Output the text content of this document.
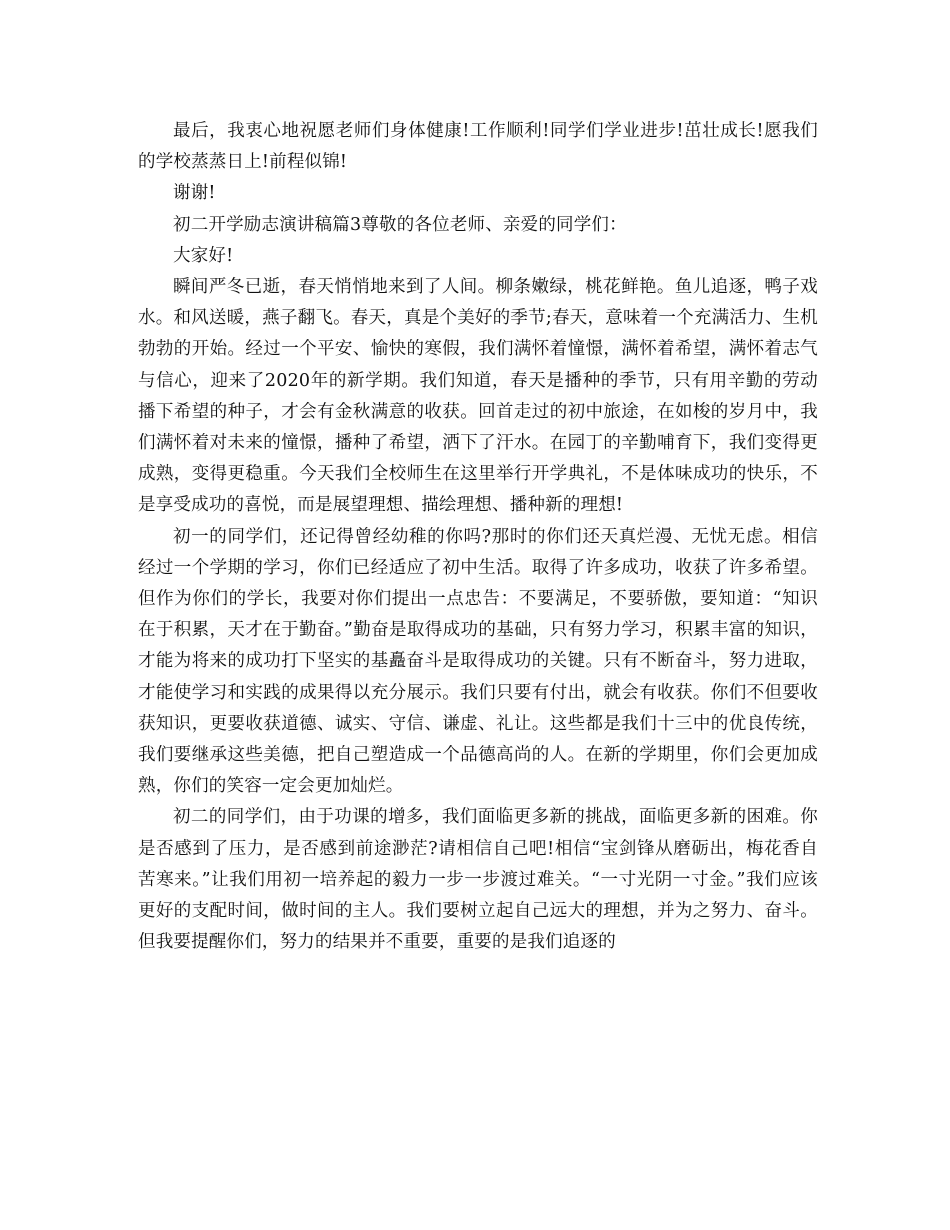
最后，我衷心地祝愿老师们身体健康!工作顺利!同学们学业进步!茁壮成长!愿我们的学校蒸蒸日上!前程似锦!

谢谢!

初二开学励志演讲稿篇3尊敬的各位老师、亲爱的同学们：

大家好!

瞬间严冬已逝，春天悄悄地来到了人间。柳条嫩绿，桃花鲜艳。鱼儿追逐，鸭子戏水。和风送暖，燕子翻飞。春天，真是个美好的季节;春天，意味着一个充满活力、生机勃勃的开始。经过一个平安、愉快的寒假，我们满怀着憧憬，满怀着希望，满怀着志气与信心，迎来了2020年的新学期。我们知道，春天是播种的季节，只有用辛勤的劳动播下希望的种子，才会有金秋满意的收获。回首走过的初中旅途，在如梭的岁月中，我们满怀着对未来的憧憬，播种了希望，洒下了汗水。在园丁的辛勤哺育下，我们变得更成熟，变得更稳重。今天我们全校师生在这里举行开学典礼，不是体味成功的快乐，不是享受成功的喜悦，而是展望理想、描绘理想、播种新的理想!

初一的同学们，还记得曾经幼稚的你吗?那时的你们还天真烂漫、无忧无虑。相信经过一个学期的学习，你们已经适应了初中生活。取得了许多成功，收获了许多希望。但作为你们的学长，我要对你们提出一点忠告：不要满足，不要骄傲，要知道：“知识在于积累，天才在于勤奋。”勤奋是取得成功的基础，只有努力学习，积累丰富的知识，才能为将来的成功打下坚实的基矗奋斗是取得成功的关键。只有不断奋斗，努力进取，才能使学习和实践的成果得以充分展示。我们只要有付出，就会有收获。你们不但要收获知识，更要收获道德、诚实、守信、谦虚、礼让。这些都是我们十三中的优良传统，我们要继承这些美德，把自己塑造成一个品德高尚的人。在新的学期里，你们会更加成熟，你们的笑容一定会更加灿烂。

初二的同学们，由于功课的增多，我们面临更多新的挑战，面临更多新的困难。你是否感到了压力，是否感到前途渺茫?请相信自己吧!相信“宝剑锋从磨砺出，梅花香自苦寒来。”让我们用初一培养起的毅力一步一步渡过难关。“一寸光阴一寸金。”我们应该更好的支配时间，做时间的主人。我们要树立起自己远大的理想，并为之努力、奋斗。但我要提醒你们，努力的结果并不重要，重要的是我们追逐的
